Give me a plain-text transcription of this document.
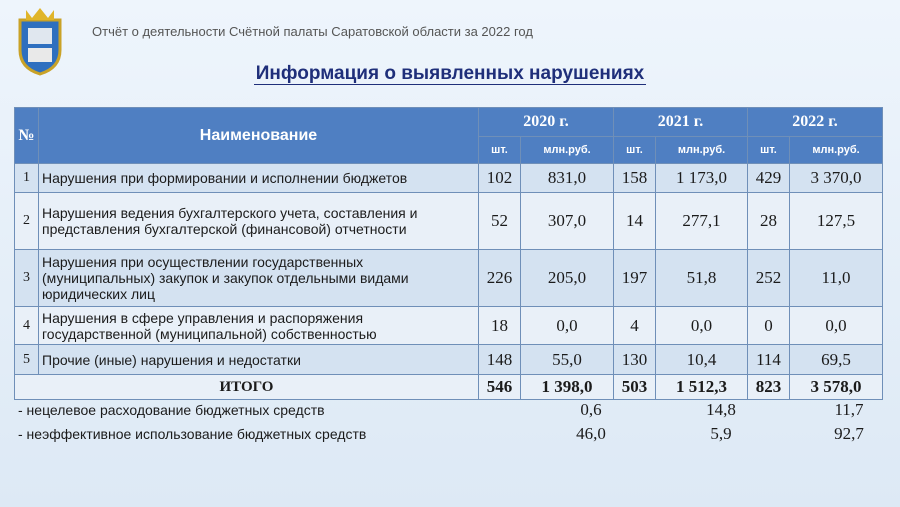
Отчёт о деятельности Счётной палаты Саратовской области за 2022 год
Информация о выявленных нарушениях
№	Наименование	2020 г.		2021 г.		2022 г.	
		шт.	млн.руб.	шт.	млн.руб.	шт.	млн.руб.
1	Нарушения при формировании и исполнении бюджетов	102	831,0	158	1 173,0	429	3 370,0
2	Нарушения ведения бухгалтерского учета, составления и представления бухгалтерской (финансовой) отчетности	52	307,0	14	277,1	28	127,5
3	Нарушения при осуществлении государственных (муниципальных) закупок и закупок отдельными видами юридических лиц	226	205,0	197	51,8	252	11,0
4	Нарушения в сфере управления и распоряжения государственной (муниципальной) собственностью	18	0,0	4	0,0	0	0,0
5	Прочие (иные) нарушения и недостатки	148	55,0	130	10,4	114	69,5
ИТОГО		546	1 398,0	503	1 512,3	823	3 578,0
- нецелевое расходование бюджетных средств	0,6	14,8	11,7
- неэффективное использование бюджетных средств	46,0	5,9	92,7
